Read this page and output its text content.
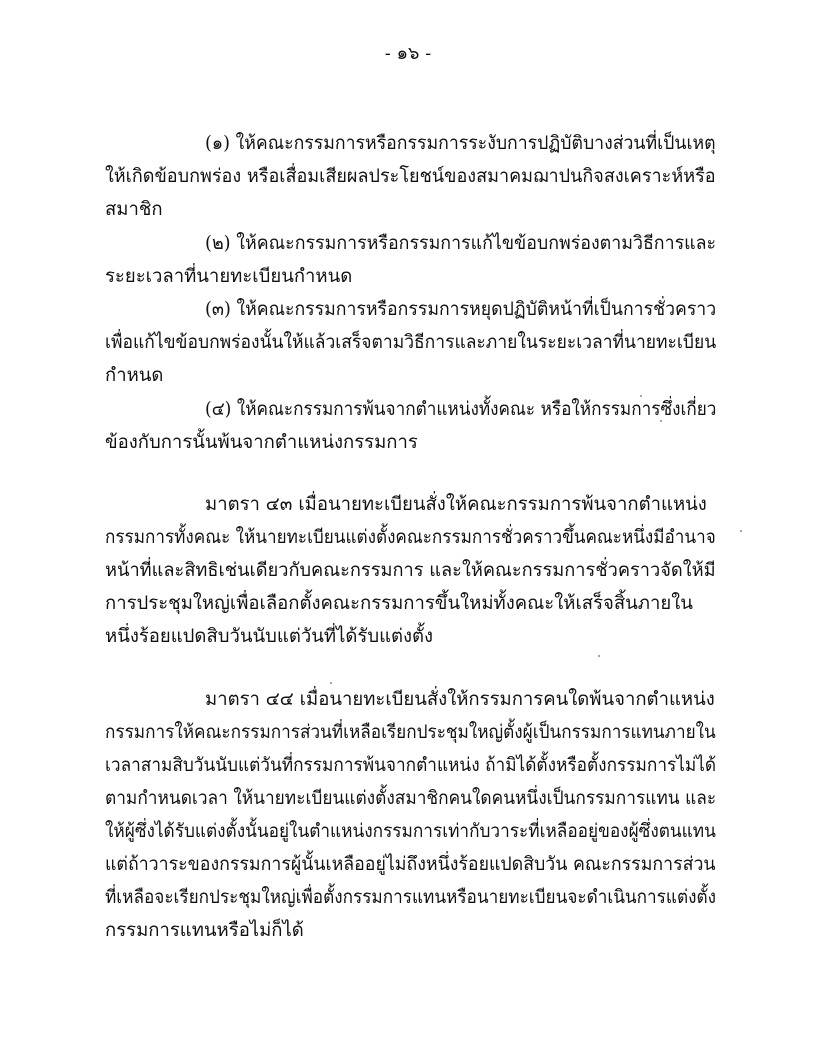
- ๑๖ -
(๑) ให้คณะกรรมการหรือกรรมการระงับการปฏิบัติบางส่วนที่เป็นเหตุ
ให้เกิดข้อบกพร่อง หรือเสื่อมเสียผลประโยชน์ของสมาคมฌาปนกิจสงเคราะห์หรือ
สมาชิก
(๒) ให้คณะกรรมการหรือกรรมการแก้ไขข้อบกพร่องตามวิธีการและ
ระยะเวลาที่นายทะเบียนกำหนด
(๓) ให้คณะกรรมการหรือกรรมการหยุดปฏิบัติหน้าที่เป็นการชั่วคราว
เพื่อแก้ไขข้อบกพร่องนั้นให้แล้วเสร็จตามวิธีการและภายในระยะเวลาที่นายทะเบียน
กำหนด
(๔) ให้คณะกรรมการพ้นจากตำแหน่งทั้งคณะ หรือให้กรรมการซึ่งเกี่ยว
ข้องกับการนั้นพ้นจากตำแหน่งกรรมการ
มาตรา ๔๓ เมื่อนายทะเบียนสั่งให้คณะกรรมการพ้นจากตำแหน่ง
กรรมการทั้งคณะ ให้นายทะเบียนแต่งตั้งคณะกรรมการชั่วคราวขึ้นคณะหนึ่งมีอำนาจ
หน้าที่และสิทธิเช่นเดียวกับคณะกรรมการ และให้คณะกรรมการชั่วคราวจัดให้มี
การประชุมใหญ่เพื่อเลือกตั้งคณะกรรมการขึ้นใหม่ทั้งคณะให้เสร็จสิ้นภายใน
หนึ่งร้อยแปดสิบวันนับแต่วันที่ได้รับแต่งตั้ง
มาตรา ๔๔ เมื่อนายทะเบียนสั่งให้กรรมการคนใดพ้นจากตำแหน่ง
กรรมการให้คณะกรรมการส่วนที่เหลือเรียกประชุมใหญ่ตั้งผู้เป็นกรรมการแทนภายใน
เวลาสามสิบวันนับแต่วันที่กรรมการพ้นจากตำแหน่ง ถ้ามิได้ตั้งหรือตั้งกรรมการไม่ได้
ตามกำหนดเวลา ให้นายทะเบียนแต่งตั้งสมาชิกคนใดคนหนึ่งเป็นกรรมการแทน และ
ให้ผู้ซึ่งได้รับแต่งตั้งนั้นอยู่ในตำแหน่งกรรมการเท่ากับวาระที่เหลืออยู่ของผู้ซึ่งตนแทน
แต่ถ้าวาระของกรรมการผู้นั้นเหลืออยู่ไม่ถึงหนึ่งร้อยแปดสิบวัน คณะกรรมการส่วน
ที่เหลือจะเรียกประชุมใหญ่เพื่อตั้งกรรมการแทนหรือนายทะเบียนจะดำเนินการแต่งตั้ง
กรรมการแทนหรือไม่ก็ได้
